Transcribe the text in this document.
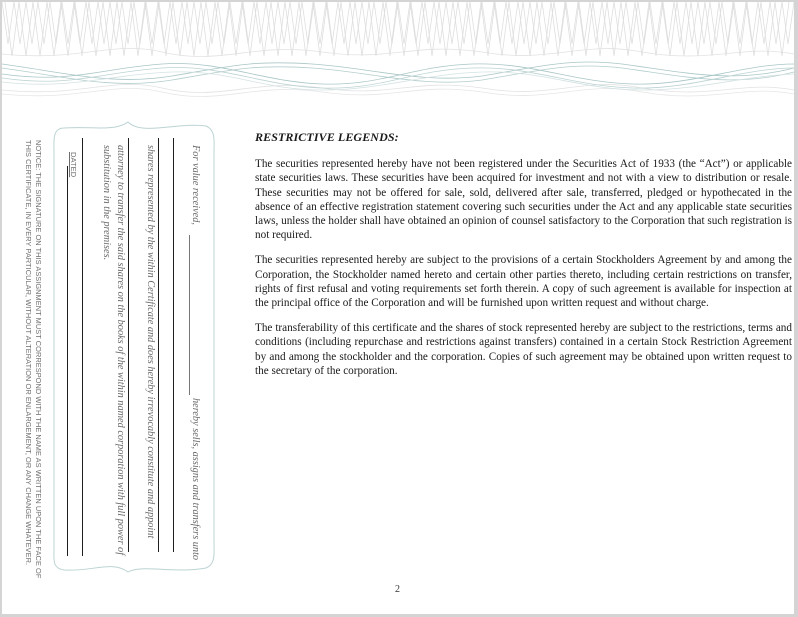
For value received,
hereby sells, assigns and transfers unto
shares represented by the within Certificate and does hereby irrevocably constitute and appoint
attorney to transfer the said shares on the books of the within named corporation with full power of
substitution in the premises.
DATED
NOTICE: THE SIGNATURE ON THIS ASSIGNMENT MUST CORRESPOND WITH THE NAME AS WRITTEN UPON THE FACE OF
THIS CERTIFICATE, IN EVERY PARTICULAR, WITHOUT ALTERATION OR ENLARGEMENT, OR ANY CHANGE WHATEVER.
RESTRICTIVE LEGENDS:

The securities represented hereby have not been registered under the Securities Act of 1933 (the “Act”) or applicable state securities laws. These securities have been acquired for investment and not with a view to distribution or resale. These securities may not be offered for sale, sold, delivered after sale, transferred, pledged or hypothecated in the absence of an effective registration statement covering such securities under the Act and any applicable state securities laws, unless the holder shall have obtained an opinion of counsel satisfactory to the Corporation that such registration is not required.

The securities represented hereby are subject to the provisions of a certain Stockholders Agreement by and among the Corporation, the Stockholder named hereto and certain other parties thereto, including certain restrictions on transfer, rights of first refusal and voting requirements set forth therein. A copy of such agreement is available for inspection at the principal office of the Corporation and will be furnished upon written request and without charge.

The transferability of this certificate and the shares of stock represented hereby are subject to the restrictions, terms and conditions (including repurchase and restrictions against transfers) contained in a certain Stock Restriction Agreement by and among the stockholder and the corporation. Copies of such agreement may be obtained upon written request to the secretary of the corporation.

2
